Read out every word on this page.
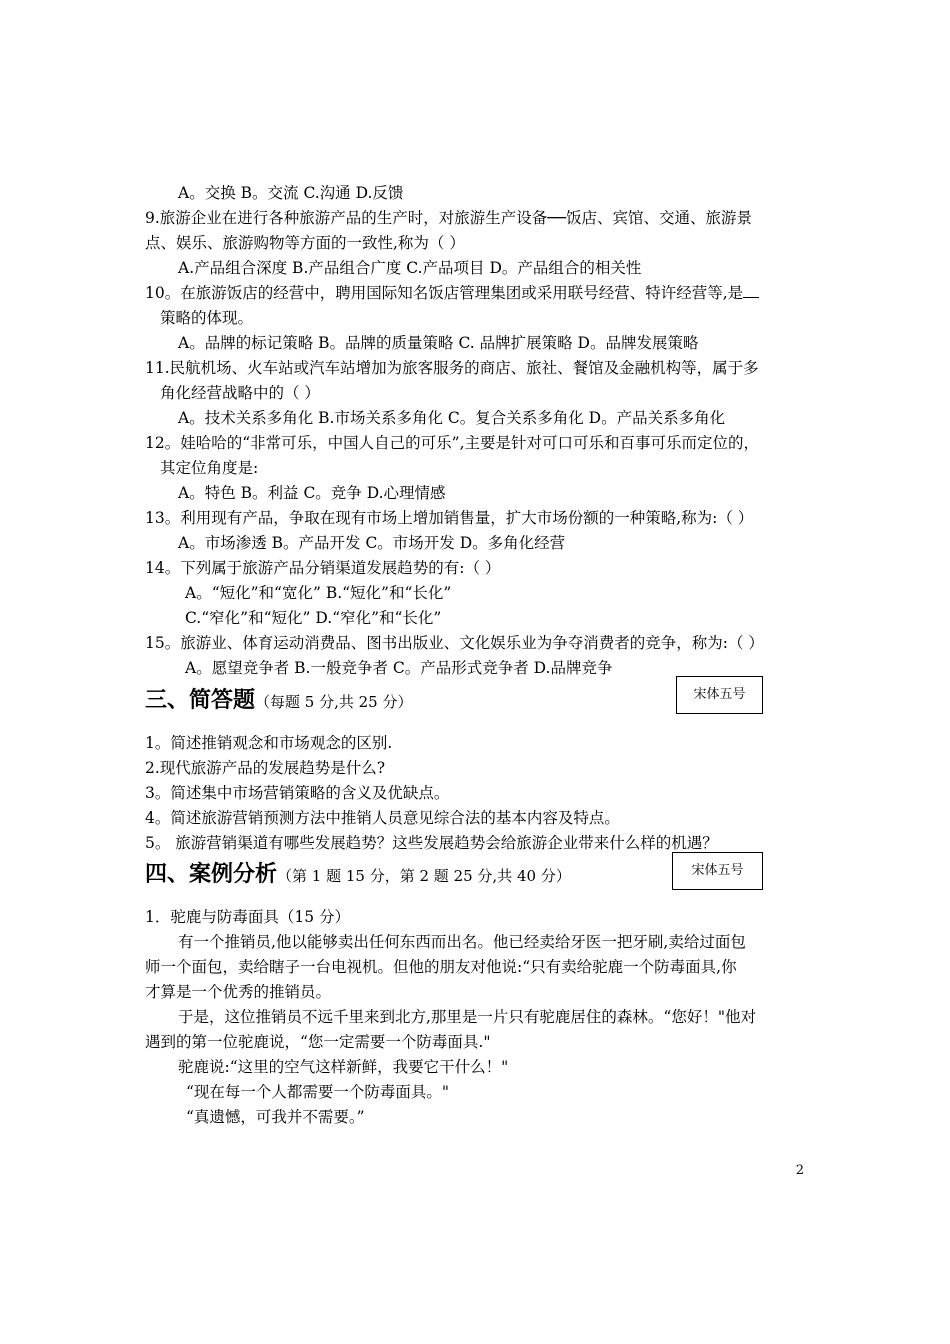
A。交换 B。交流 C.沟通 D.反馈
9.旅游企业在进行各种旅游产品的生产时，对旅游生产设备──饭店、宾馆、交通、旅游景
点、娱乐、旅游购物等方面的一致性,称为（ ）
A.产品组合深度 B.产品组合广度 C.产品项目 D。产品组合的相关性
10。在旅游饭店的经营中，聘用国际知名饭店管理集团或采用联号经营、特许经营等,是
策略的体现。
A。品牌的标记策略 B。品牌的质量策略 C. 品牌扩展策略 D。品牌发展策略
11.民航机场、火车站或汽车站增加为旅客服务的商店、旅社、餐馆及金融机构等，属于多
角化经营战略中的（ ）
A。技术关系多角化 B.市场关系多角化 C。复合关系多角化 D。产品关系多角化
12。娃哈哈的“非常可乐，中国人自己的可乐”,主要是针对可口可乐和百事可乐而定位的，
其定位角度是:
A。特色 B。利益 C。竞争 D.心理情感
13。利用现有产品，争取在现有市场上增加销售量，扩大市场份额的一种策略,称为:（ ）
A。市场渗透 B。产品开发 C。市场开发 D。多角化经营
14。下列属于旅游产品分销渠道发展趋势的有:（ ）
A。“短化”和“宽化” B.“短化”和“长化”
C.“窄化”和“短化” D.“窄化”和“长化”
15。旅游业、体育运动消费品、图书出版业、文化娱乐业为争夺消费者的竞争，称为:（ ）
A。愿望竞争者 B.一般竞争者 C。产品形式竞争者 D.品牌竞争
三、简答题（每题 5 分,共 25 分）	宋体五号
1。简述推销观念和市场观念的区别.
2.现代旅游产品的发展趋势是什么?
3。简述集中市场营销策略的含义及优缺点。
4。简述旅游营销预测方法中推销人员意见综合法的基本内容及特点。
5。 旅游营销渠道有哪些发展趋势？这些发展趋势会给旅游企业带来什么样的机遇？
四、案例分析（第 1 题 15 分，第 2 题 25 分,共 40 分）	宋体五号
1．驼鹿与防毒面具（15 分）
有一个推销员,他以能够卖出任何东西而出名。他已经卖给牙医一把牙刷,卖给过面包
师一个面包，卖给瞎子一台电视机。但他的朋友对他说:“只有卖给驼鹿一个防毒面具,你
才算是一个优秀的推销员。
于是，这位推销员不远千里来到北方,那里是一片只有驼鹿居住的森林。“您好！"他对
遇到的第一位驼鹿说，“您一定需要一个防毒面具."
驼鹿说:“这里的空气这样新鲜，我要它干什么！"
“现在每一个人都需要一个防毒面具。"
“真遗憾，可我并不需要。”
2
